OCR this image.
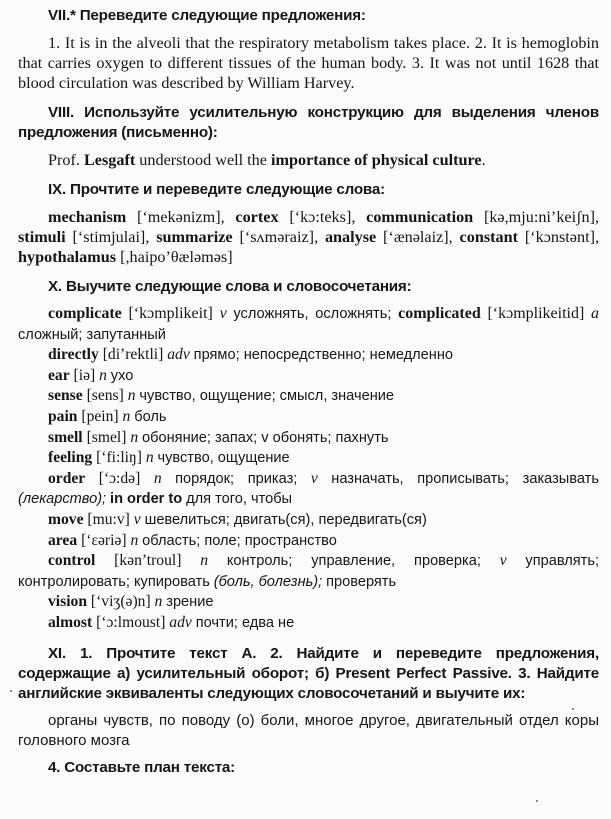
VII.* Переведите следующие предложения:

1. It is in the alveoli that the respiratory metabolism takes place. 2. It is hemoglobin that carries oxygen to different tissues of the human body. 3. It was not until 1628 that blood circulation was described by William Harvey.

VIII. Используйте усилительную конструкцию для выделения членов предложения (письменно):

Prof. Lesgaft understood well the importance of physical culture.

IX. Прочтите и переведите следующие слова:

mechanism [‘mekənizm], cortex [‘kɔ:teks], communication [kə,mju:ni’keiʃn], stimuli [‘stimjulai], summarize [‘sʌməraiz], analyse [‘ænəlaiz], constant [‘kɔnstənt], hypothalamus [,haipo’θæləməs]

X. Выучите следующие слова и словосочетания:

complicate [‘kɔmplikeit] v усложнять, осложнять; complicated [‘kɔmplikeitid] a сложный; запутанный
directly [di’rektli] adv прямо; непосредственно; немедленно
ear [iə] n ухо
sense [sens] n чувство, ощущение; смысл, значение
pain [pein] n боль
smell [smel] n обоняние; запах; v обонять; пахнуть
feeling [‘fi:liŋ] n чувство, ощущение
order [‘ɔ:də] n порядок; приказ; v назначать, прописывать; заказывать (лекарство); in order to для того, чтобы
move [mu:v] v шевелиться; двигать(ся), передвигать(ся)
area [‘ɛəriə] n область; поле; пространство
control [kən’troul] n контроль; управление, проверка; v управлять; контролировать; купировать (боль, болезнь); проверять
vision [‘viʒ(ə)n] n зрение
almost [‘ɔ:lmoust] adv почти; едва не

XI. 1. Прочтите текст А. 2. Найдите и переведите предложения, содержащие а) усилительный оборот; б) Present Perfect Passive. 3. Найдите английские эквиваленты следующих словосочетаний и выучите их:

органы чувств, по поводу (о) боли, многое другое, двигательный отдел коры головного мозга

4. Составьте план текста:
